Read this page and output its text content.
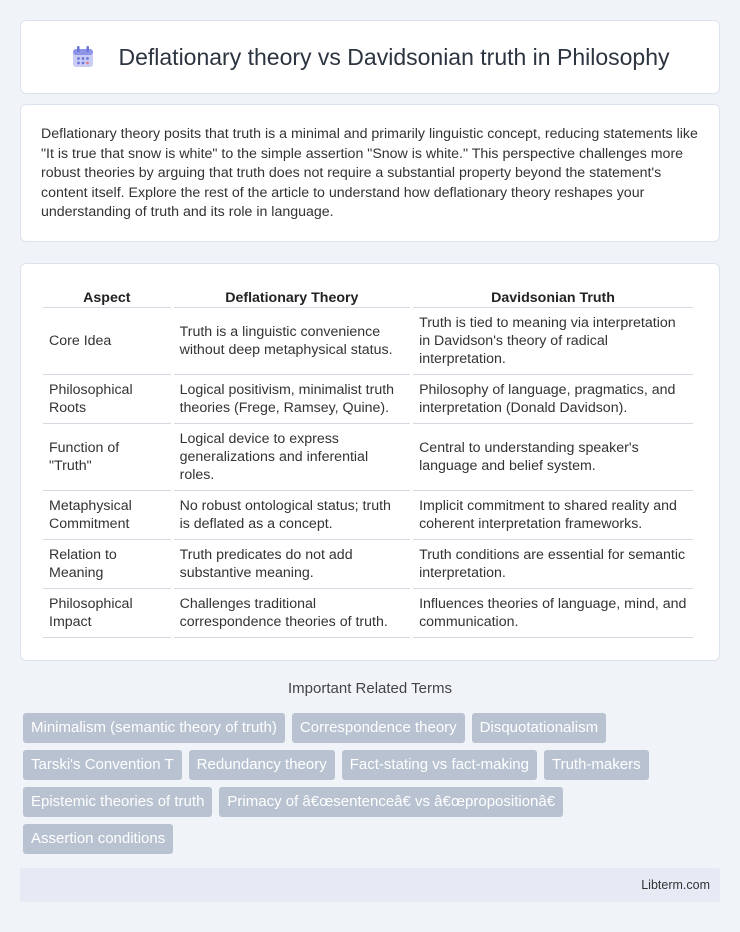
Deflationary theory vs Davidsonian truth in Philosophy

Deflationary theory posits that truth is a minimal and primarily linguistic concept, reducing statements like "It is true that snow is white" to the simple assertion "Snow is white." This perspective challenges more robust theories by arguing that truth does not require a substantial property beyond the statement's content itself. Explore the rest of the article to understand how deflationary theory reshapes your understanding of truth and its role in language.

Aspect	Deflationary Theory	Davidsonian Truth
Core Idea	Truth is a linguistic convenience without deep metaphysical status.	Truth is tied to meaning via interpretation in Davidson's theory of radical interpretation.
Philosophical Roots	Logical positivism, minimalist truth theories (Frege, Ramsey, Quine).	Philosophy of language, pragmatics, and interpretation (Donald Davidson).
Function of "Truth"	Logical device to express generalizations and inferential roles.	Central to understanding speaker's language and belief system.
Metaphysical Commitment	No robust ontological status; truth is deflated as a concept.	Implicit commitment to shared reality and coherent interpretation frameworks.
Relation to Meaning	Truth predicates do not add substantive meaning.	Truth conditions are essential for semantic interpretation.
Philosophical Impact	Challenges traditional correspondence theories of truth.	Influences theories of language, mind, and communication.
Important Related Terms
Minimalism (semantic theory of truth)	Correspondence theory	Disquotationalism
Tarski's Convention T	Redundancy theory	Fact-stating vs fact-making	Truth-makers
Epistemic theories of truth	Primacy of â€œsentenceâ€ vs â€œpropositionâ€
Assertion conditions
Libterm.com
